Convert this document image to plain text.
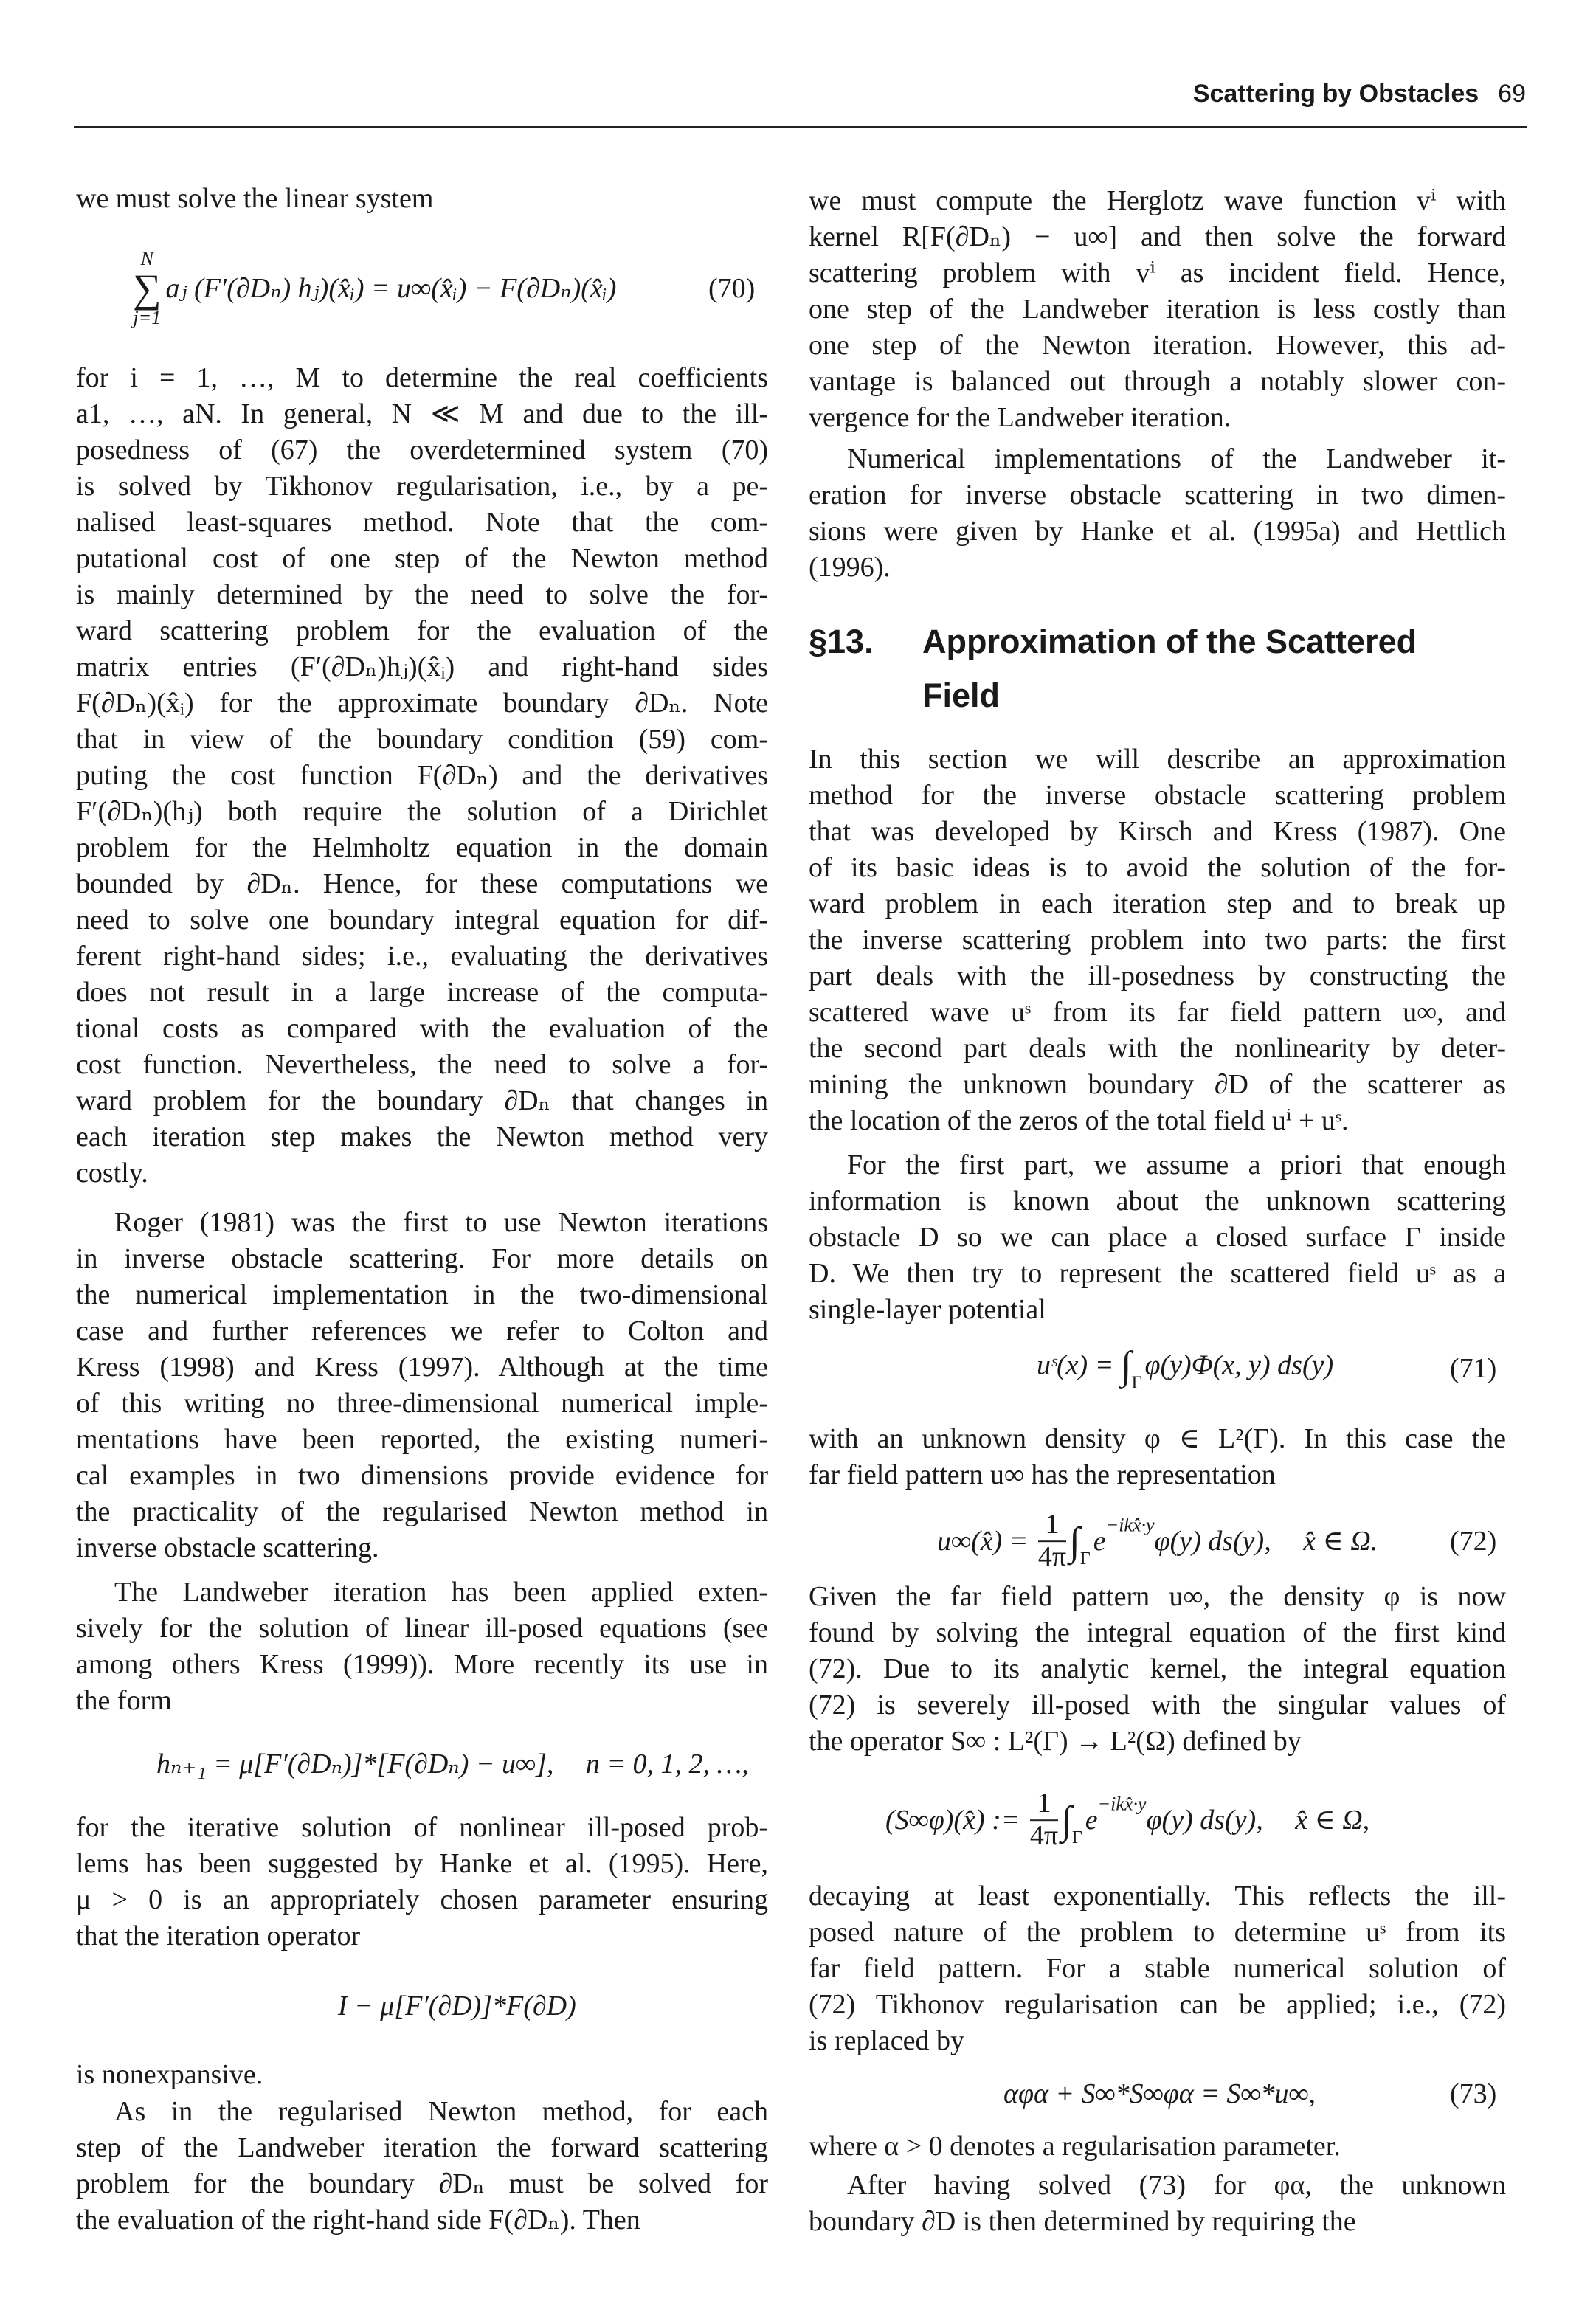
Scattering by Obstacles 69
we must solve the linear system
N
∑
j=1
aⱼ (F′(∂Dₙ) hⱼ)(x̂ᵢ) = u∞(x̂ᵢ) − F(∂Dₙ)(x̂ᵢ)	(70)
for i = 1, …, M to determine the real coefficients
a1, …, aN. In general, N ≪ M and due to the ill-
posedness of (67) the overdetermined system (70)
is solved by Tikhonov regularisation, i.e., by a pe-
nalised least-squares method. Note that the com-
putational cost of one step of the Newton method
is mainly determined by the need to solve the for-
ward scattering problem for the evaluation of the
matrix entries (F′(∂Dₙ)hⱼ)(x̂ᵢ) and right-hand sides
F(∂Dₙ)(x̂ᵢ) for the approximate boundary ∂Dₙ. Note
that in view of the boundary condition (59) com-
puting the cost function F(∂Dₙ) and the derivatives
F′(∂Dₙ)(hⱼ) both require the solution of a Dirichlet
problem for the Helmholtz equation in the domain
bounded by ∂Dₙ. Hence, for these computations we
need to solve one boundary integral equation for dif-
ferent right-hand sides; i.e., evaluating the derivatives
does not result in a large increase of the computa-
tional costs as compared with the evaluation of the
cost function. Nevertheless, the need to solve a for-
ward problem for the boundary ∂Dₙ that changes in
each iteration step makes the Newton method very
costly.
Roger (1981) was the first to use Newton iterations
in inverse obstacle scattering. For more details on
the numerical implementation in the two-dimensional
case and further references we refer to Colton and
Kress (1998) and Kress (1997). Although at the time
of this writing no three-dimensional numerical imple-
mentations have been reported, the existing numeri-
cal examples in two dimensions provide evidence for
the practicality of the regularised Newton method in
inverse obstacle scattering.
The Landweber iteration has been applied exten-
sively for the solution of linear ill-posed equations (see
among others Kress (1999)). More recently its use in
the form
hₙ₊₁ = μ[F′(∂Dₙ)]*[F(∂Dₙ) − u∞], n = 0, 1, 2, …,
for the iterative solution of nonlinear ill-posed prob-
lems has been suggested by Hanke et al. (1995). Here,
μ > 0 is an appropriately chosen parameter ensuring
that the iteration operator
I − μ[F′(∂D)]*F(∂D)
is nonexpansive.
As in the regularised Newton method, for each
step of the Landweber iteration the forward scattering
problem for the boundary ∂Dₙ must be solved for
the evaluation of the right-hand side F(∂Dₙ). Then
we must compute the Herglotz wave function vⁱ with
kernel R[F(∂Dₙ) − u∞] and then solve the forward
scattering problem with vⁱ as incident field. Hence,
one step of the Landweber iteration is less costly than
one step of the Newton iteration. However, this ad-
vantage is balanced out through a notably slower con-
vergence for the Landweber iteration.
Numerical implementations of the Landweber it-
eration for inverse obstacle scattering in two dimen-
sions were given by Hanke et al. (1995a) and Hettlich
(1996).
§13. Approximation of the Scattered
Field
In this section we will describe an approximation
method for the inverse obstacle scattering problem
that was developed by Kirsch and Kress (1987). One
of its basic ideas is to avoid the solution of the for-
ward problem in each iteration step and to break up
the inverse scattering problem into two parts: the first
part deals with the ill-posedness by constructing the
scattered wave uˢ from its far field pattern u∞, and
the second part deals with the nonlinearity by deter-
mining the unknown boundary ∂D of the scatterer as
the location of the zeros of the total field uⁱ + uˢ.
For the first part, we assume a priori that enough
information is known about the unknown scattering
obstacle D so we can place a closed surface Γ inside
D. We then try to represent the scattered field uˢ as a
single-layer potential
uˢ(x) = $\int_\Gamma\varphi(y)\Phi(x$, y) ds(y)	(71)
with an unknown density φ ∈ L²(Γ). In this case the
far field pattern u∞ has the representation
u∞(x̂) = $\frac{1}{4\pi} \int_\Gamma e^{-ikx̂\cdot y}\varphi(y)$ ds(y), x̂ ∈ Ω.	(72)
Given the far field pattern u∞, the density φ is now
found by solving the integral equation of the first kind
(72). Due to its analytic kernel, the integral equation
(72) is severely ill-posed with the singular values of
the operator S∞ : L²(Γ) → L²(Ω) defined by
(S∞φ)(x̂) := $\frac{1}{4\pi} \int_\Gamma e^{-ikx̂\cdot y}\varphi(y)$ ds(y), x̂ ∈ Ω,
decaying at least exponentially. This reflects the ill-
posed nature of the problem to determine uˢ from its
far field pattern. For a stable numerical solution of
(72) Tikhonov regularisation can be applied; i.e., (72)
is replaced by
αφα + S∞*S∞φα = S∞*u∞,	(73)
where α > 0 denotes a regularisation parameter.
After having solved (73) for φα, the unknown
boundary ∂D is then determined by requiring the
